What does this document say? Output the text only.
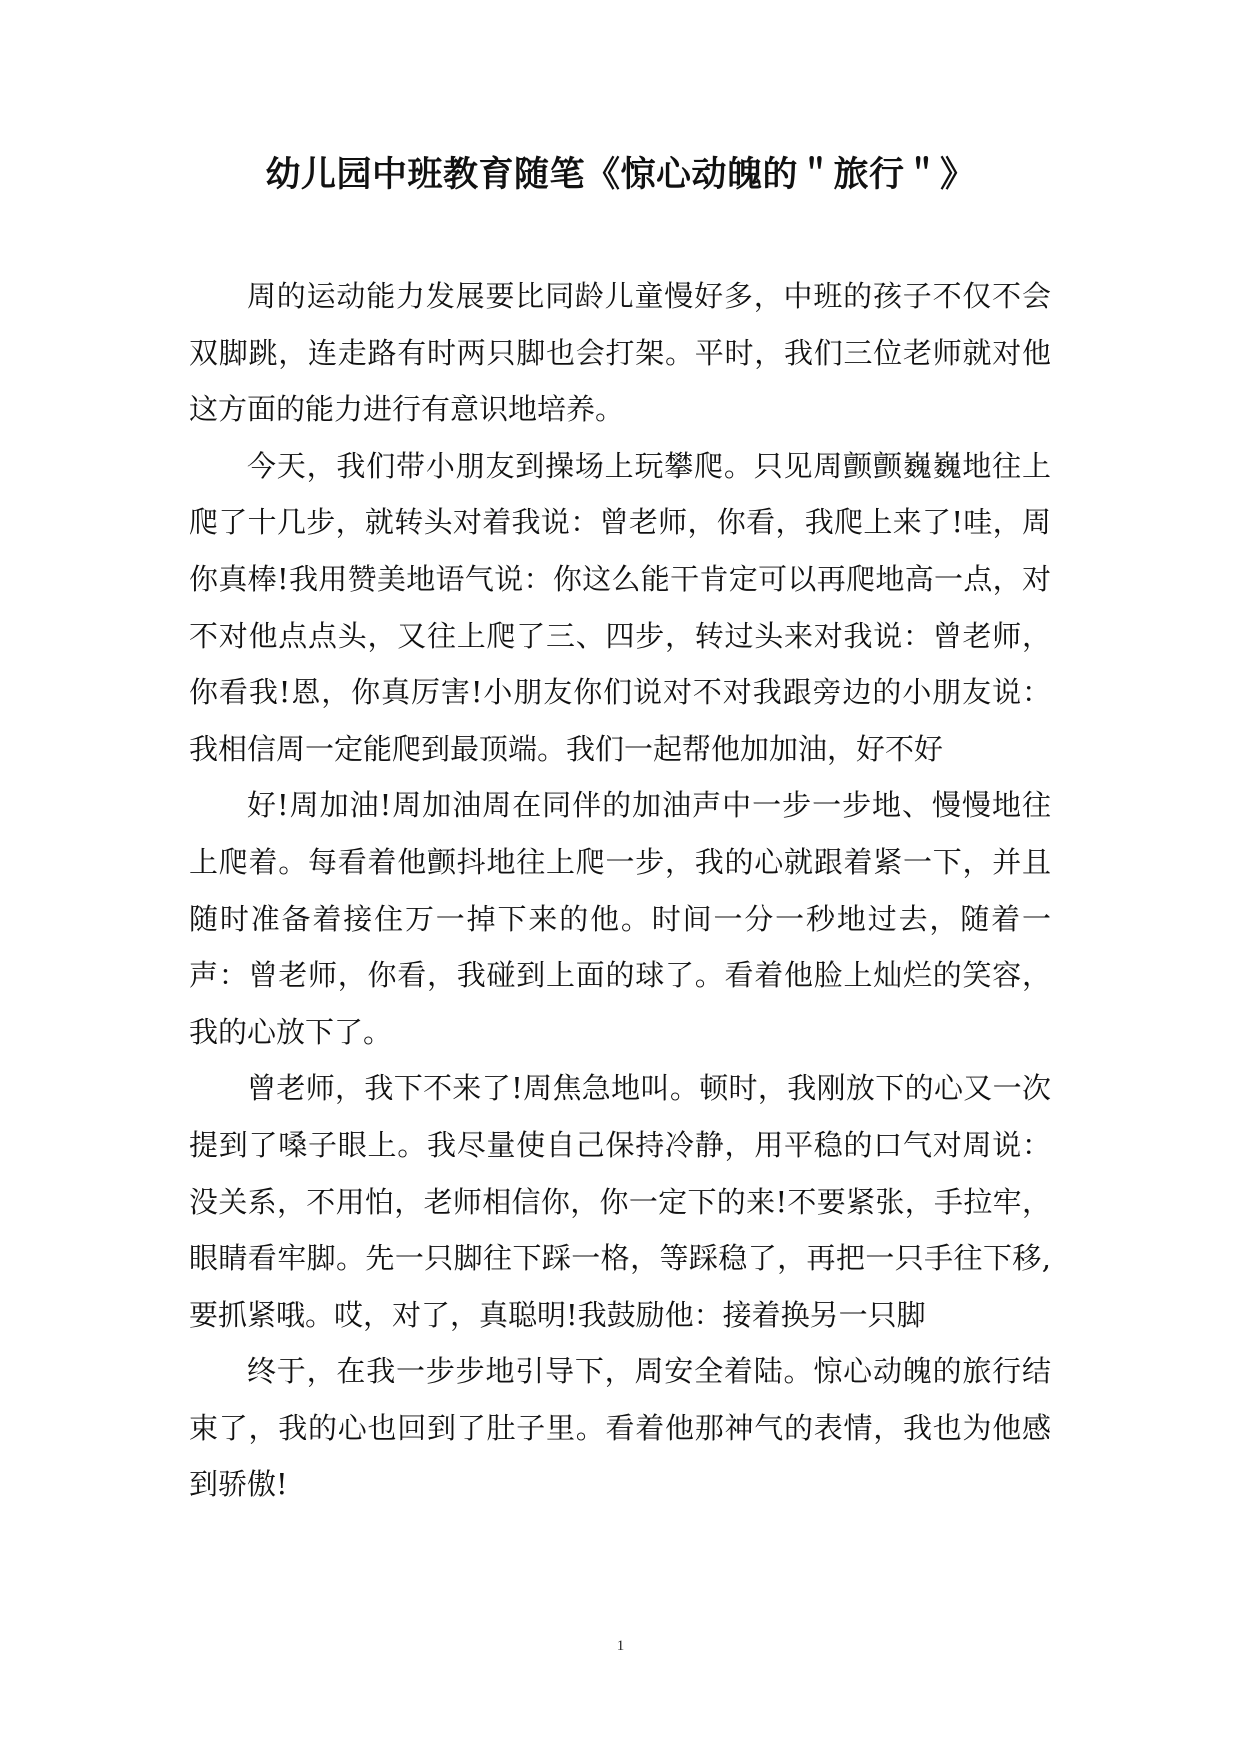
幼儿园中班教育随笔《惊心动魄的＂旅行＂》

周的运动能力发展要比同龄儿童慢好多，中班的孩子不仅不会双脚跳，连走路有时两只脚也会打架。平时，我们三位老师就对他这方面的能力进行有意识地培养。

今天，我们带小朋友到操场上玩攀爬。只见周颤颤巍巍地往上爬了十几步，就转头对着我说：曾老师，你看，我爬上来了!哇，周你真棒!我用赞美地语气说：你这么能干肯定可以再爬地高一点，对不对他点点头，又往上爬了三、四步，转过头来对我说：曾老师，你看我!恩，你真厉害!小朋友你们说对不对我跟旁边的小朋友说：我相信周一定能爬到最顶端。我们一起帮他加加油，好不好

好!周加油!周加油周在同伴的加油声中一步一步地、慢慢地往上爬着。每看着他颤抖地往上爬一步，我的心就跟着紧一下，并且随时准备着接住万一掉下来的他。时间一分一秒地过去，随着一声：曾老师，你看，我碰到上面的球了。看着他脸上灿烂的笑容，我的心放下了。

曾老师，我下不来了!周焦急地叫。顿时，我刚放下的心又一次提到了嗓子眼上。我尽量使自己保持冷静，用平稳的口气对周说：没关系，不用怕，老师相信你，你一定下的来!不要紧张，手拉牢，眼睛看牢脚。先一只脚往下踩一格，等踩稳了，再把一只手往下移,要抓紧哦。哎，对了，真聪明!我鼓励他：接着换另一只脚

终于，在我一步步地引导下，周安全着陆。惊心动魄的旅行结束了，我的心也回到了肚子里。看着他那神气的表情，我也为他感到骄傲!

1
